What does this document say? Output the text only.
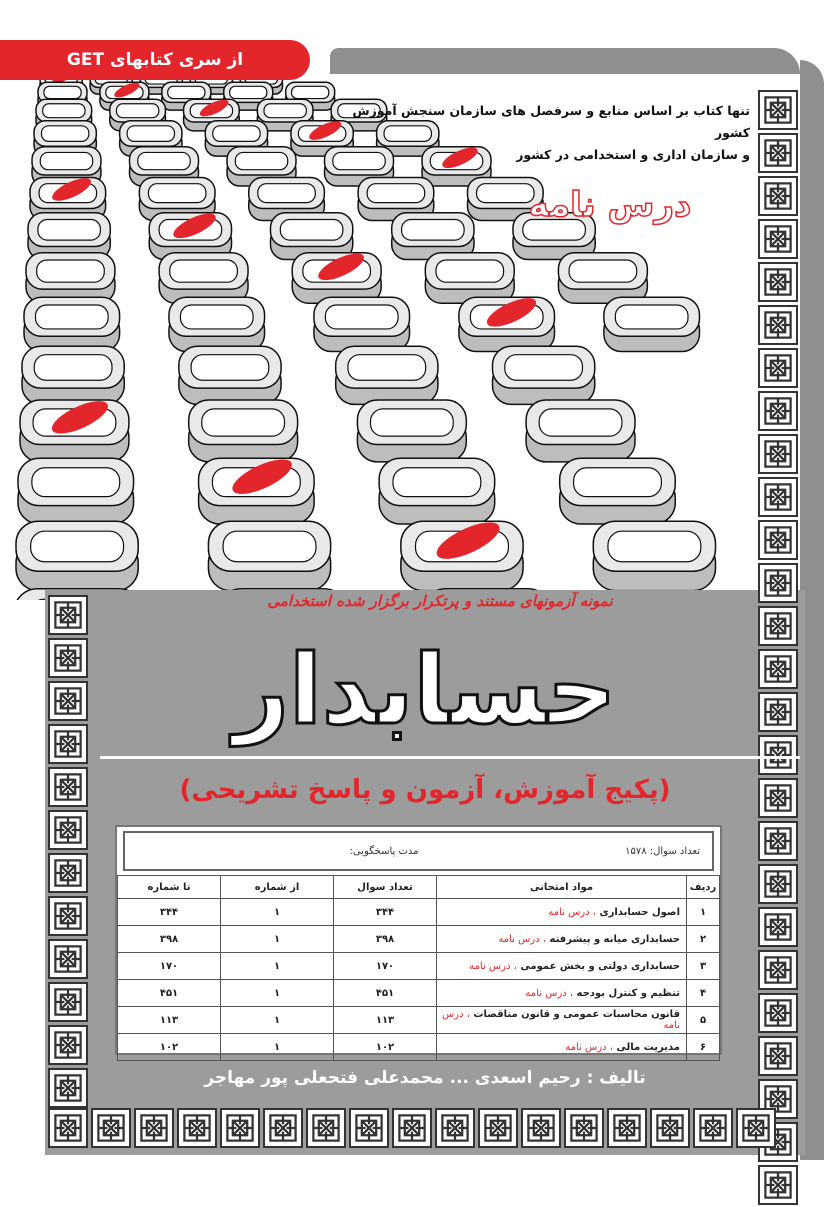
از سری کتابهای GET
تنها کتاب بر اساس منابع و سرفصل های سازمان سنجش آموزش کشور
و سازمان اداری و استخدامی در کشور
درس نامه
نمونه آزمونهای مستند و پرتکرار برگزار شده استخدامی
حسابدار
(پکیج آموزش، آزمون و پاسخ تشریحی)
تعداد سوال: ۱۵۷۸
مدت پاسخگویی:
ردیف	مواد امتحانی	تعداد سوال	از شماره	تا شماره
۱	اصول حسابداری ، درس نامه	۳۴۴	۱	۳۴۴
۲	حسابداری میانه و پیشرفته ، درس نامه	۳۹۸	۱	۳۹۸
۳	حسابداری دولتی و بخش عمومی ، درس نامه	۱۷۰	۱	۱۷۰
۴	تنظیم و کنترل بودجه ، درس نامه	۴۵۱	۱	۴۵۱
۵	قانون محاسبات عمومی و قانون مناقصات ، درس نامه	۱۱۳	۱	۱۱۳
۶	مدیریت مالی ، درس نامه	۱۰۲	۱	۱۰۲
تالیف : رحیم اسعدی ... محمدعلی فتحعلی پور مهاجر
